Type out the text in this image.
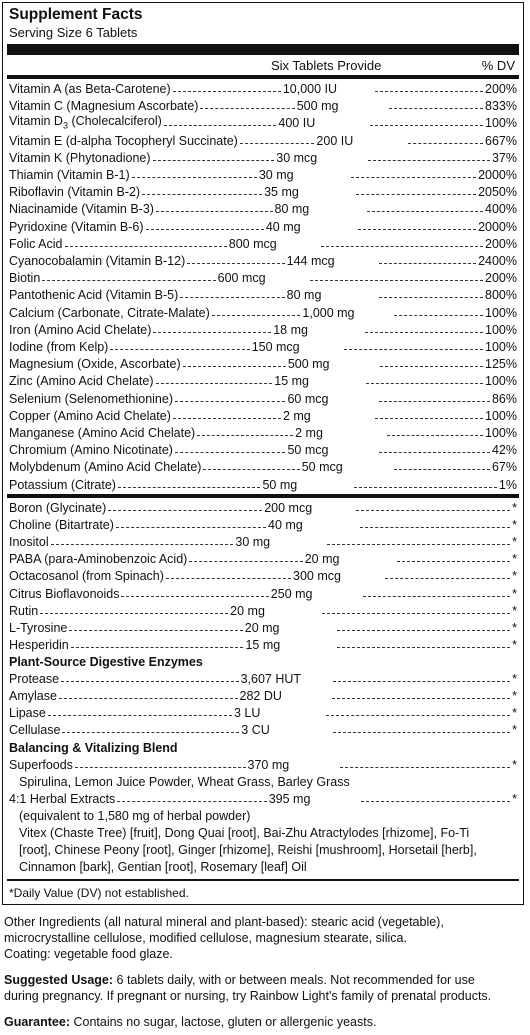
Supplement Facts
Serving Size 6 Tablets
Six Tablets Provide	% DV
Vitamin A (as Beta-Carotene)	10,000 IU	200%
Vitamin C (Magnesium Ascorbate)	500 mg	833%
Vitamin $D_3$ (Cholecalciferol)	400 IU	100%
Vitamin E (d-alpha Tocopheryl Succinate)	200 IU	667%
Vitamin K (Phytonadione)	30 mcg	37%
Thiamin (Vitamin B-1)	30 mg	2000%
Riboflavin (Vitamin B-2)	35 mg	2050%
Niacinamide (Vitamin B-3)	80 mg	400%
Pyridoxine (Vitamin B-6)	40 mg	2000%
Folic Acid	800 mcg	200%
Cyanocobalamin (Vitamin B-12)	144 mcg	2400%
Biotin	600 mcg	200%
Pantothenic Acid (Vitamin B-5)	80 mg	800%
Calcium (Carbonate, Citrate-Malate)	1,000 mg	100%
Iron (Amino Acid Chelate)	18 mg	100%
Iodine (from Kelp)	150 mcg	100%
Magnesium (Oxide, Ascorbate)	500 mg	125%
Zinc (Amino Acid Chelate)	15 mg	100%
Selenium (Selenomethionine)	60 mcg	86%
Copper (Amino Acid Chelate)	2 mg	100%
Manganese (Amino Acid Chelate)	2 mg	100%
Chromium (Amino Nicotinate)	50 mcg	42%
Molybdenum (Amino Acid Chelate)	50 mcg	67%
Potassium (Citrate)	50 mg	1%
Boron (Glycinate)	200 mcg	*
Choline (Bitartrate)	40 mg	*
Inositol	30 mg	*
PABA (para-Aminobenzoic Acid)	20 mg	*
Octacosanol (from Spinach)	300 mcg	*
Citrus Bioflavonoids	250 mg	*
Rutin	20 mg	*
L-Tyrosine	20 mg	*
Hesperidin	15 mg	*
Plant-Source Digestive Enzymes
Protease	3,607 HUT	*
Amylase	282 DU	*
Lipase	3 LU	*
Cellulase	3 CU	*
Balancing & Vitalizing Blend
Superfoods	370 mg	*
Spirulina, Lemon Juice Powder, Wheat Grass, Barley Grass
4:1 Herbal Extracts	395 mg	*
(equivalent to 1,580 mg of herbal powder)
Vitex (Chaste Tree) [fruit], Dong Quai [root], Bai-Zhu Atractylodes [rhizome], Fo-Ti
[root], Chinese Peony [root], Ginger [rhizome], Reishi [mushroom], Horsetail [herb],
Cinnamon [bark], Gentian [root], Rosemary [leaf] Oil
*Daily Value (DV) not established.
Other Ingredients (all natural mineral and plant-based): stearic acid (vegetable),
microcrystalline cellulose, modified cellulose, magnesium stearate, silica.
Coating: vegetable food glaze.
Suggested Usage: 6 tablets daily, with or between meals. Not recommended for use
during pregnancy. If pregnant or nursing, try Rainbow Light's family of prenatal products.
Guarantee: Contains no sugar, lactose, gluten or allergenic yeasts.
